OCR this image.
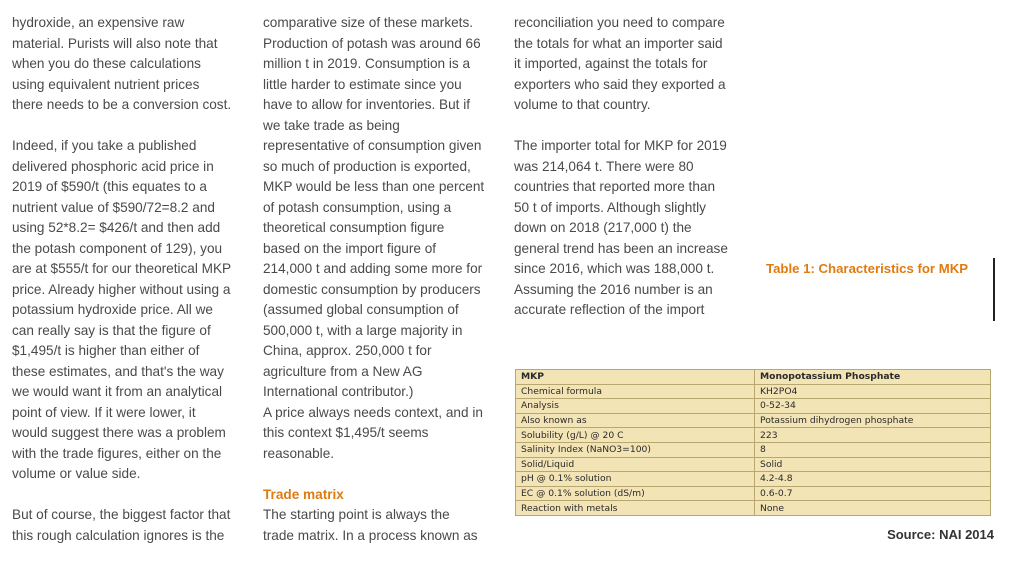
hydroxide, an expensive raw
material. Purists will also note that
when you do these calculations
using equivalent nutrient prices
there needs to be a conversion cost.

Indeed, if you take a published
delivered phosphoric acid price in
2019 of $590/t (this equates to a
nutrient value of $590/72=8.2 and
using 52*8.2= $426/t and then add
the potash component of 129), you
are at $555/t for our theoretical MKP
price. Already higher without using a
potassium hydroxide price. All we
can really say is that the figure of
$1,495/t is higher than either of
these estimates, and that's the way
we would want it from an analytical
point of view. If it were lower, it
would suggest there was a problem
with the trade figures, either on the
volume or value side.

But of course, the biggest factor that
this rough calculation ignores is the

comparative size of these markets.
Production of potash was around 66
million t in 2019. Consumption is a
little harder to estimate since you
have to allow for inventories. But if
we take trade as being
representative of consumption given
so much of production is exported,
MKP would be less than one percent
of potash consumption, using a
theoretical consumption figure
based on the import figure of
214,000 t and adding some more for
domestic consumption by producers
(assumed global consumption of
500,000 t, with a large majority in
China, approx. 250,000 t for
agriculture from a New AG
International contributor.)

A price always needs context, and in
this context $1,495/t seems
reasonable.

Trade matrix

The starting point is always the
trade matrix. In a process known as

reconciliation you need to compare
the totals for what an importer said
it imported, against the totals for
exporters who said they exported a
volume to that country.

The importer total for MKP for 2019
was 214,064 t. There were 80
countries that reported more than
50 t of imports. Although slightly
down on 2018 (217,000 t) the
general trend has been an increase
since 2016, which was 188,000 t.
Assuming the 2016 number is an
accurate reflection of the import

Table 1: Characteristics for MKP
MKP	Monopotassium Phosphate
Chemical formula	KH2PO4
Analysis	0-52-34
Also known as	Potassium dihydrogen phosphate
Solubility (g/L) @ 20 C	223
Salinity Index (NaNO3=100)	8
Solid/Liquid	Solid
pH @ 0.1% solution	4.2-4.8
EC @ 0.1% solution (dS/m)	0.6-0.7
Reaction with metals	None
Source: NAI 2014
